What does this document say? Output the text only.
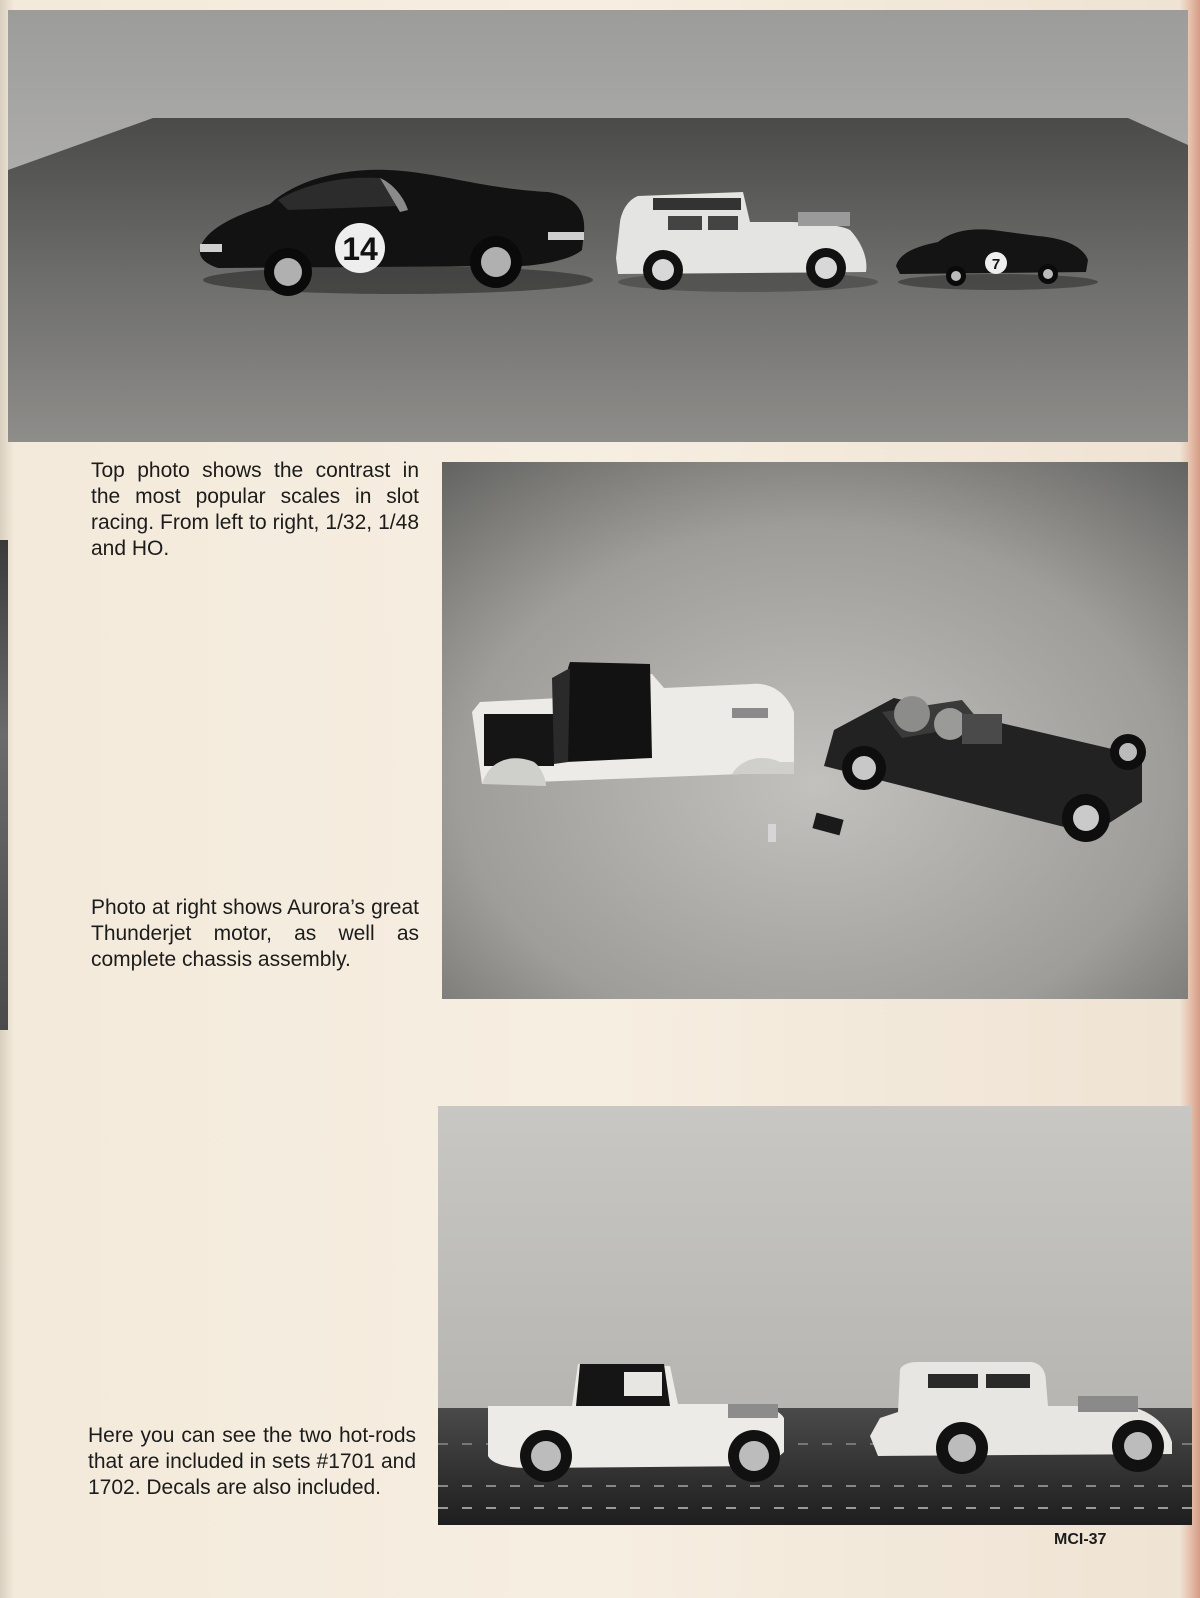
14	7

Top photo shows the contrast in the most popular scales in slot racing. From left to right, 1/32, 1/48 and HO.

Photo at right shows Aurora’s great Thunderjet motor, as well as complete chassis assembly.

Here you can see the two hot-rods that are included in sets #1701 and 1702. Decals are also included.

MCI-37
